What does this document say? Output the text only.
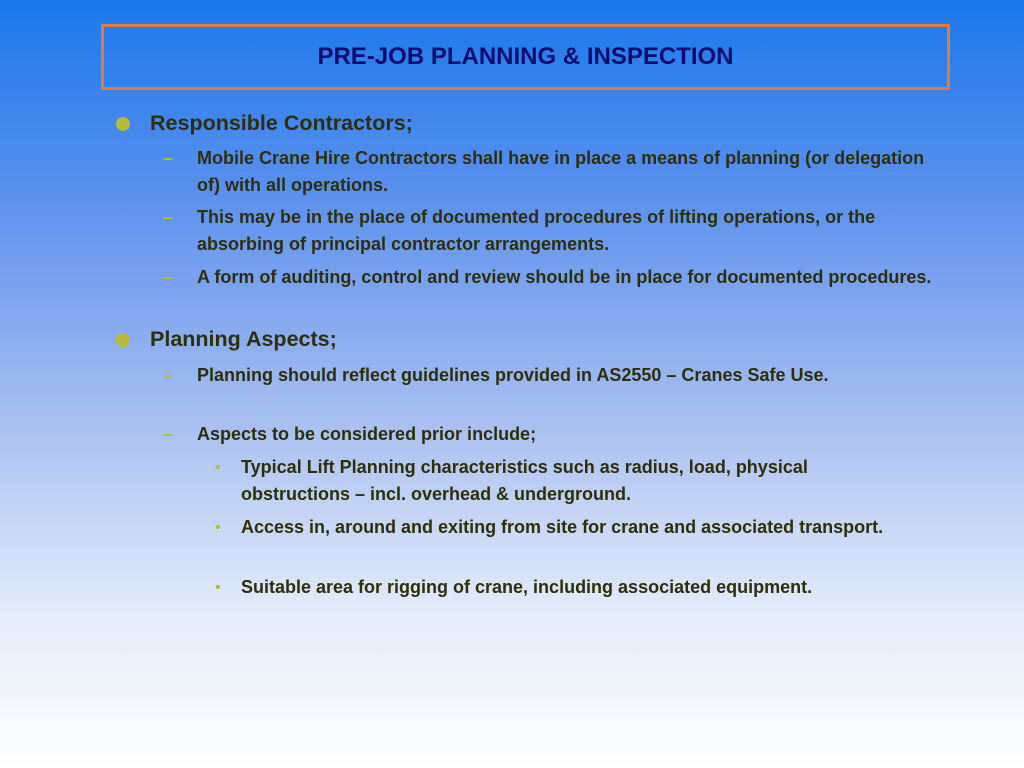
PRE-JOB PLANNING & INSPECTION
Responsible Contractors;
– Mobile Crane Hire Contractors shall have in place a means of planning (or delegation of) with all operations.
– This may be in the place of documented procedures of lifting operations, or the absorbing of principal contractor arrangements.
– A form of auditing, control and review should be in place for documented procedures.
Planning Aspects;
– Planning should reflect guidelines provided in AS2550 – Cranes Safe Use.
– Aspects to be considered prior include;
• Typical Lift Planning characteristics such as radius, load, physical obstructions – incl. overhead & underground.
• Access in, around and exiting from site for crane and associated transport.
• Suitable area for rigging of crane, including associated equipment.
